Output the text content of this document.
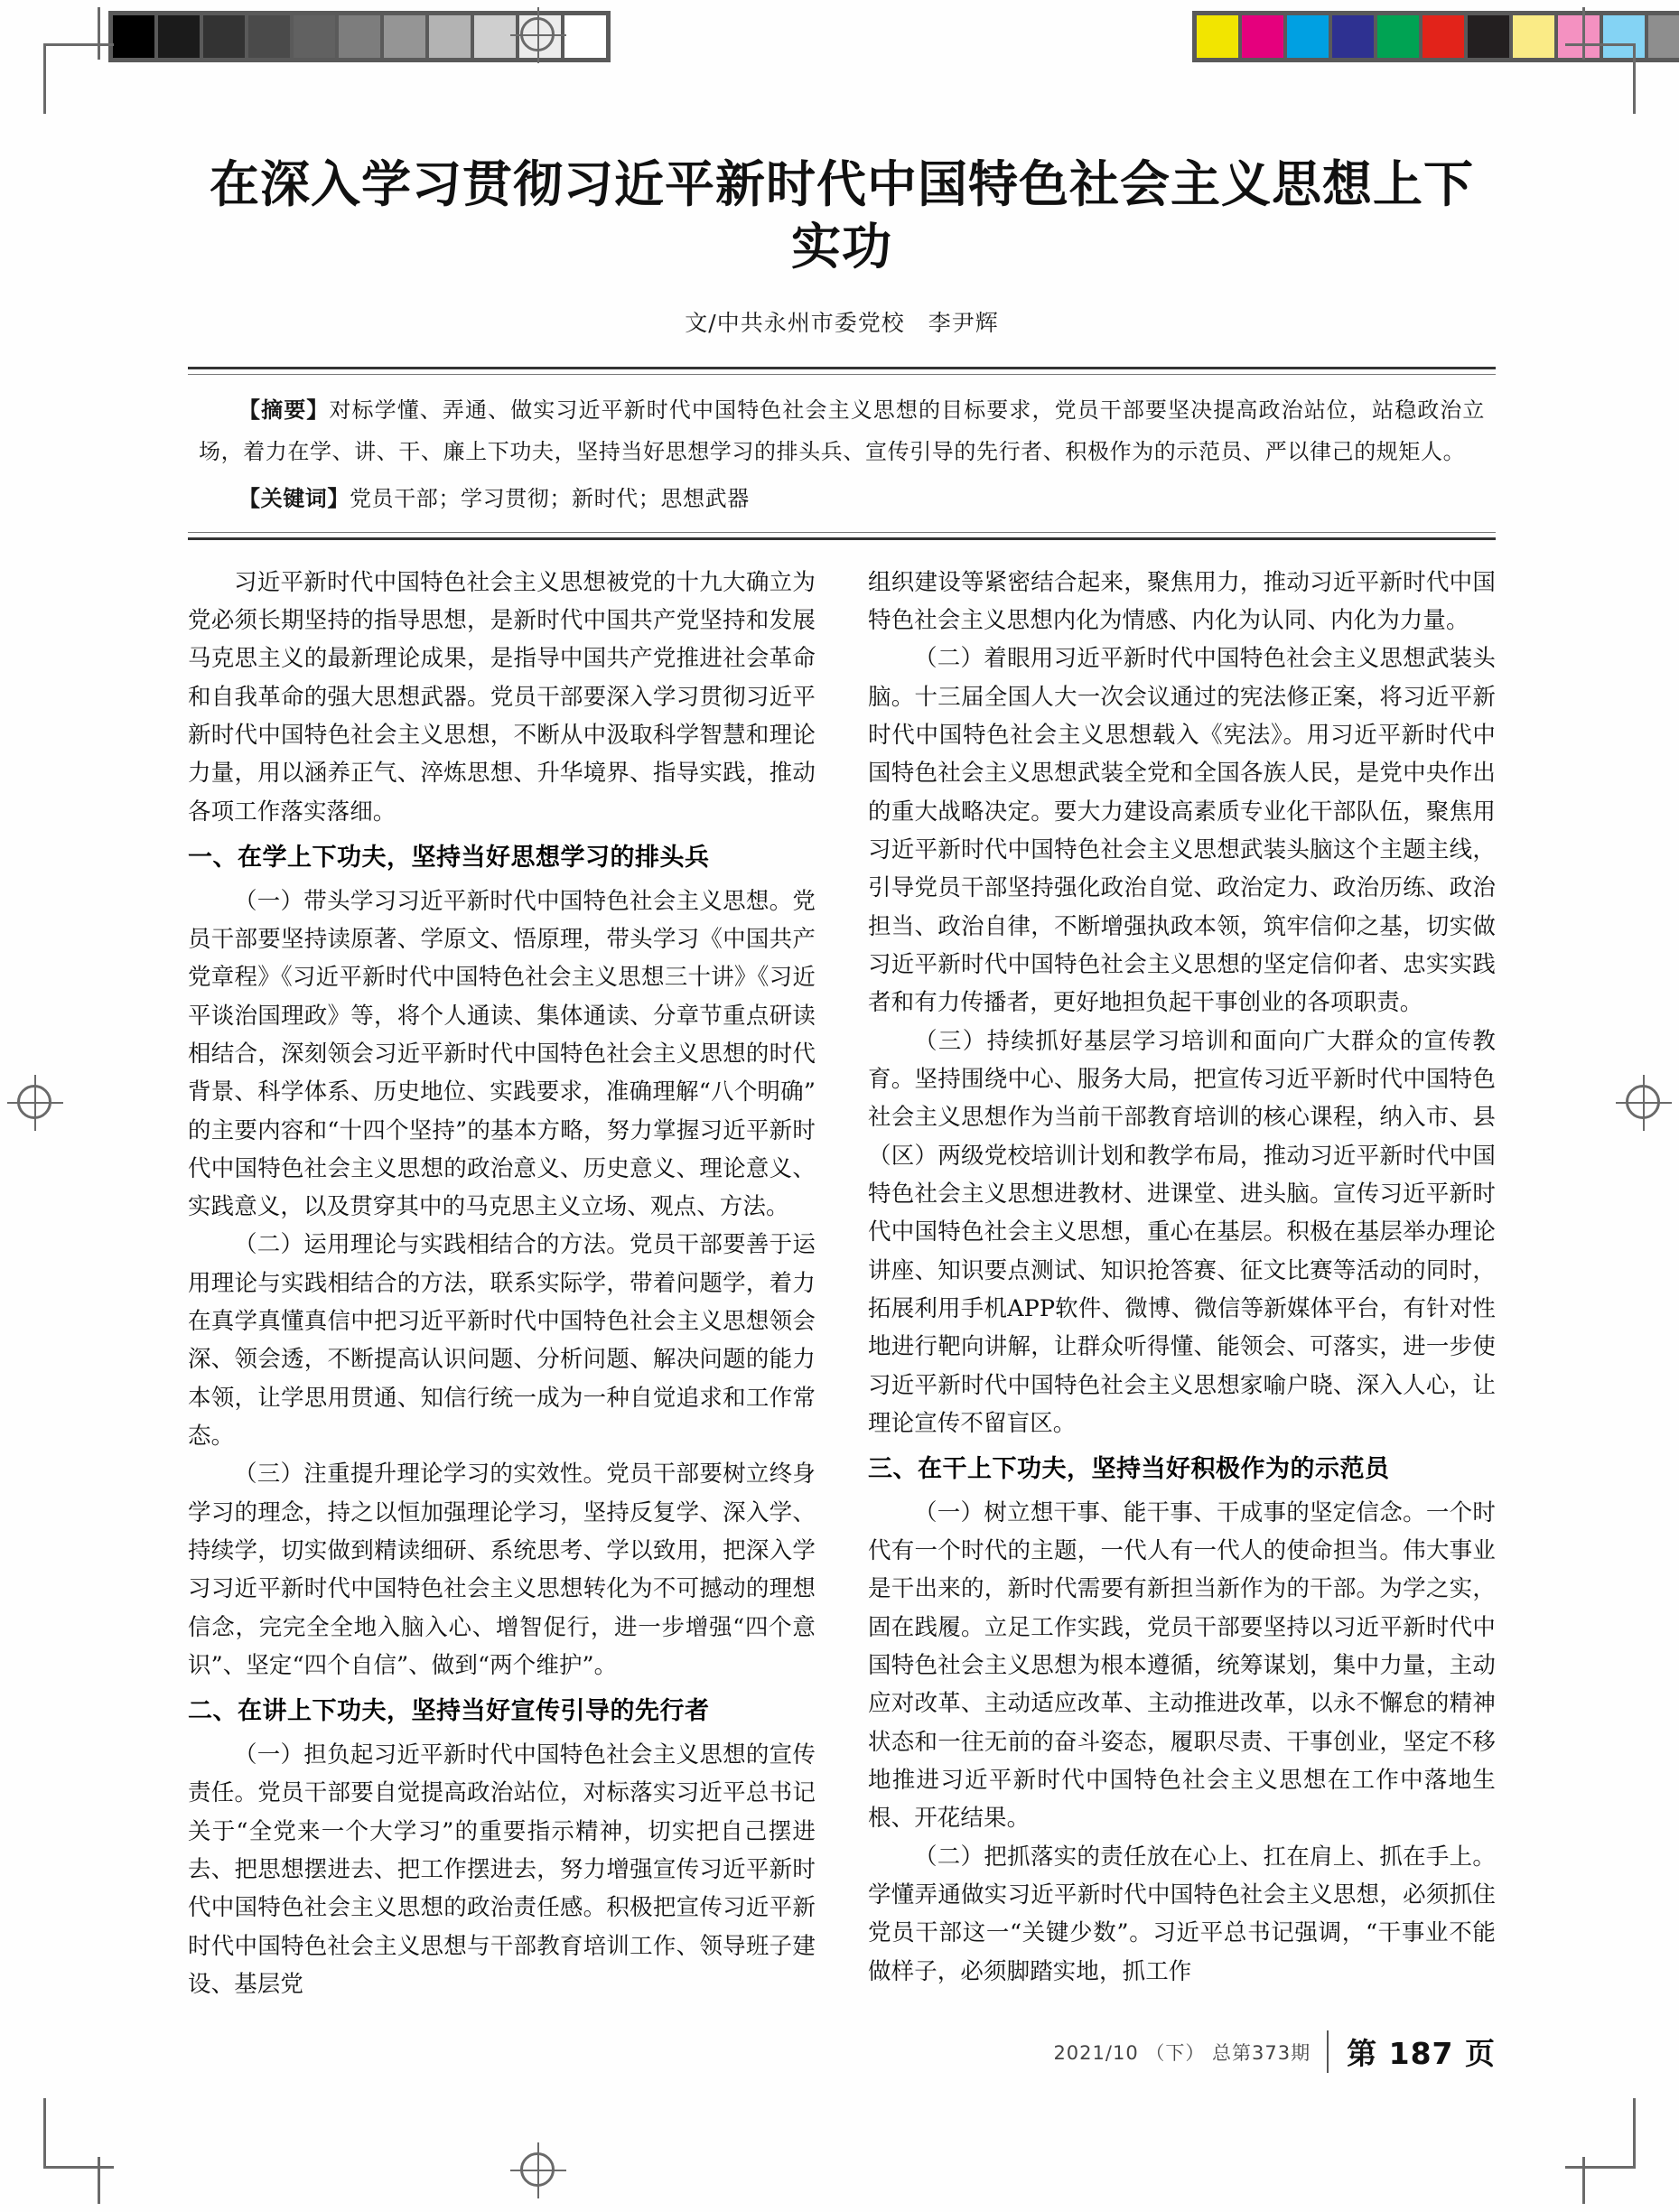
在深入学习贯彻习近平新时代中国特色社会主义思想上下实功
文/中共永州市委党校　李尹辉

【摘要】对标学懂、弄通、做实习近平新时代中国特色社会主义思想的目标要求，党员干部要坚决提高政治站位，站稳政治立场，着力在学、讲、干、廉上下功夫，坚持当好思想学习的排头兵、宣传引导的先行者、积极作为的示范员、严以律己的规矩人。

【关键词】党员干部；学习贯彻；新时代；思想武器

习近平新时代中国特色社会主义思想被党的十九大确立为党必须长期坚持的指导思想，是新时代中国共产党坚持和发展马克思主义的最新理论成果，是指导中国共产党推进社会革命和自我革命的强大思想武器。党员干部要深入学习贯彻习近平新时代中国特色社会主义思想，不断从中汲取科学智慧和理论力量，用以涵养正气、淬炼思想、升华境界、指导实践，推动各项工作落实落细。

一、在学上下功夫，坚持当好思想学习的排头兵

（一）带头学习习近平新时代中国特色社会主义思想。党员干部要坚持读原著、学原文、悟原理，带头学习《中国共产党章程》《习近平新时代中国特色社会主义思想三十讲》《习近平谈治国理政》等，将个人通读、集体通读、分章节重点研读相结合，深刻领会习近平新时代中国特色社会主义思想的时代背景、科学体系、历史地位、实践要求，准确理解“八个明确”的主要内容和“十四个坚持”的基本方略，努力掌握习近平新时代中国特色社会主义思想的政治意义、历史意义、理论意义、实践意义，以及贯穿其中的马克思主义立场、观点、方法。

（二）运用理论与实践相结合的方法。党员干部要善于运用理论与实践相结合的方法，联系实际学，带着问题学，着力在真学真懂真信中把习近平新时代中国特色社会主义思想领会深、领会透，不断提高认识问题、分析问题、解决问题的能力本领，让学思用贯通、知信行统一成为一种自觉追求和工作常态。

（三）注重提升理论学习的实效性。党员干部要树立终身学习的理念，持之以恒加强理论学习，坚持反复学、深入学、持续学，切实做到精读细研、系统思考、学以致用，把深入学习习近平新时代中国特色社会主义思想转化为不可撼动的理想信念，完完全全地入脑入心、增智促行，进一步增强“四个意识”、坚定“四个自信”、做到“两个维护”。

二、在讲上下功夫，坚持当好宣传引导的先行者

（一）担负起习近平新时代中国特色社会主义思想的宣传责任。党员干部要自觉提高政治站位，对标落实习近平总书记关于“全党来一个大学习”的重要指示精神，切实把自己摆进去、把思想摆进去、把工作摆进去，努力增强宣传习近平新时代中国特色社会主义思想的政治责任感。积极把宣传习近平新时代中国特色社会主义思想与干部教育培训工作、领导班子建设、基层党

组织建设等紧密结合起来，聚焦用力，推动习近平新时代中国特色社会主义思想内化为情感、内化为认同、内化为力量。

（二）着眼用习近平新时代中国特色社会主义思想武装头脑。十三届全国人大一次会议通过的宪法修正案，将习近平新时代中国特色社会主义思想载入《宪法》。用习近平新时代中国特色社会主义思想武装全党和全国各族人民，是党中央作出的重大战略决定。要大力建设高素质专业化干部队伍，聚焦用习近平新时代中国特色社会主义思想武装头脑这个主题主线，引导党员干部坚持强化政治自觉、政治定力、政治历练、政治担当、政治自律，不断增强执政本领，筑牢信仰之基，切实做习近平新时代中国特色社会主义思想的坚定信仰者、忠实实践者和有力传播者，更好地担负起干事创业的各项职责。

（三）持续抓好基层学习培训和面向广大群众的宣传教育。坚持围绕中心、服务大局，把宣传习近平新时代中国特色社会主义思想作为当前干部教育培训的核心课程，纳入市、县（区）两级党校培训计划和教学布局，推动习近平新时代中国特色社会主义思想进教材、进课堂、进头脑。宣传习近平新时代中国特色社会主义思想，重心在基层。积极在基层举办理论讲座、知识要点测试、知识抢答赛、征文比赛等活动的同时，拓展利用手机APP软件、微博、微信等新媒体平台，有针对性地进行靶向讲解，让群众听得懂、能领会、可落实，进一步使习近平新时代中国特色社会主义思想家喻户晓、深入人心，让理论宣传不留盲区。

三、在干上下功夫，坚持当好积极作为的示范员

（一）树立想干事、能干事、干成事的坚定信念。一个时代有一个时代的主题，一代人有一代人的使命担当。伟大事业是干出来的，新时代需要有新担当新作为的干部。为学之实，固在践履。立足工作实践，党员干部要坚持以习近平新时代中国特色社会主义思想为根本遵循，统筹谋划，集中力量，主动应对改革、主动适应改革、主动推进改革，以永不懈怠的精神状态和一往无前的奋斗姿态，履职尽责、干事创业，坚定不移地推进习近平新时代中国特色社会主义思想在工作中落地生根、开花结果。

（二）把抓落实的责任放在心上、扛在肩上、抓在手上。学懂弄通做实习近平新时代中国特色社会主义思想，必须抓住党员干部这一“关键少数”。习近平总书记强调，“干事业不能做样子，必须脚踏实地，抓工作

2021/10 （下） 总第373期	第 187 页
